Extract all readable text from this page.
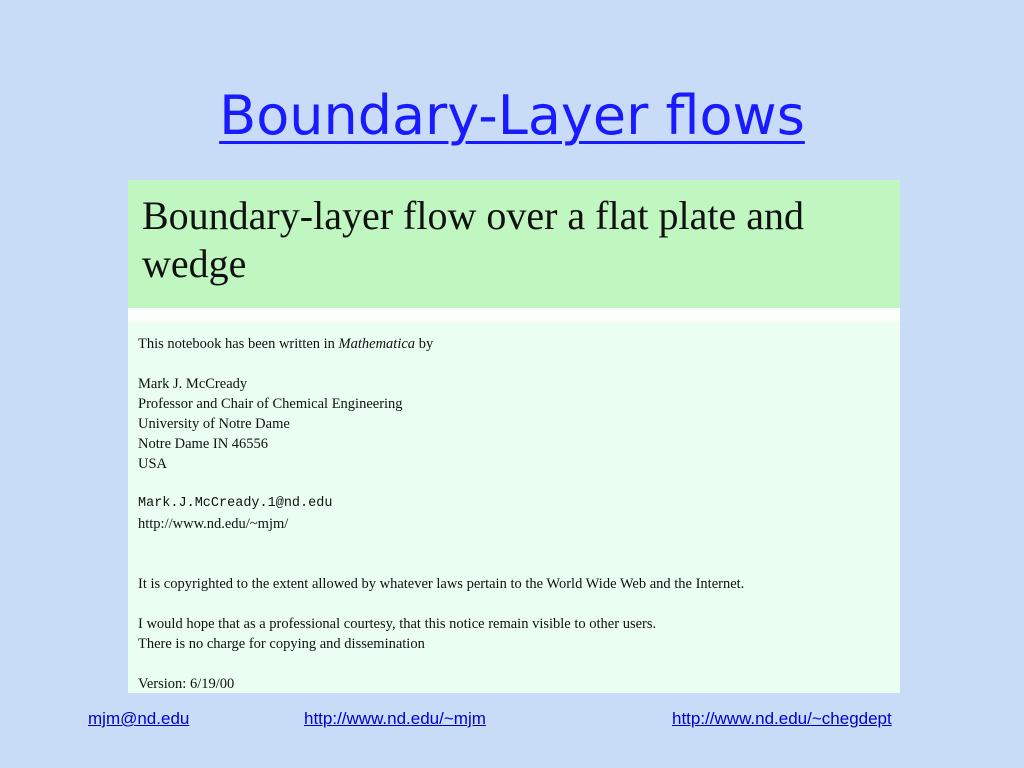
Boundary-Layer flows
Boundary-layer flow over a flat plate and wedge
This notebook has been written in Mathematica by
Mark J. McCready
Professor and Chair of Chemical Engineering
University of Notre Dame
Notre Dame IN 46556
USA
Mark.J.McCready.1@nd.edu
http://www.nd.edu/~mjm/
It is copyrighted to the extent allowed by whatever laws pertain to the World Wide Web and the Internet.
I would hope that as a professional courtesy, that this notice remain visible to other users.
There is no charge for copying and dissemination
Version: 6/19/00
mjm@nd.edu	http://www.nd.edu/~mjm	http://www.nd.edu/~chegdept
